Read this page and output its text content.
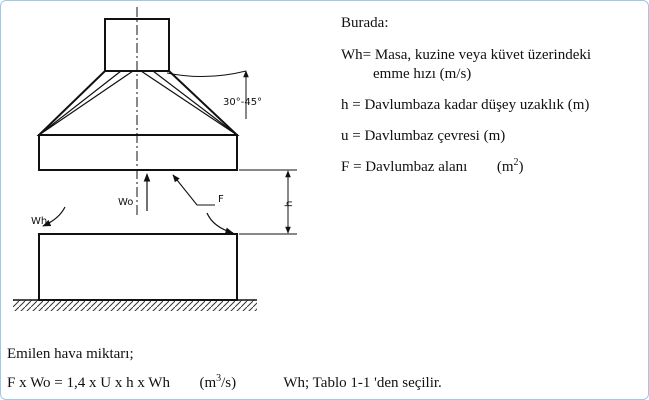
Wo
30°-45°
F
Wh
h
Burada:
Wh= Masa, kuzine veya küvet üzerindeki
emme hızı (m/s)
h = Davlumbaza kadar düşey uzaklık (m)
u = Davlumbaz çevresi (m)
F = Davlumbaz alanı $(m^2)$
Emilen hava miktarı;
F x Wo = 1,4 x U x h x Wh $(m^3/s)$	Wh; Tablo 1-1 'den seçilir.
